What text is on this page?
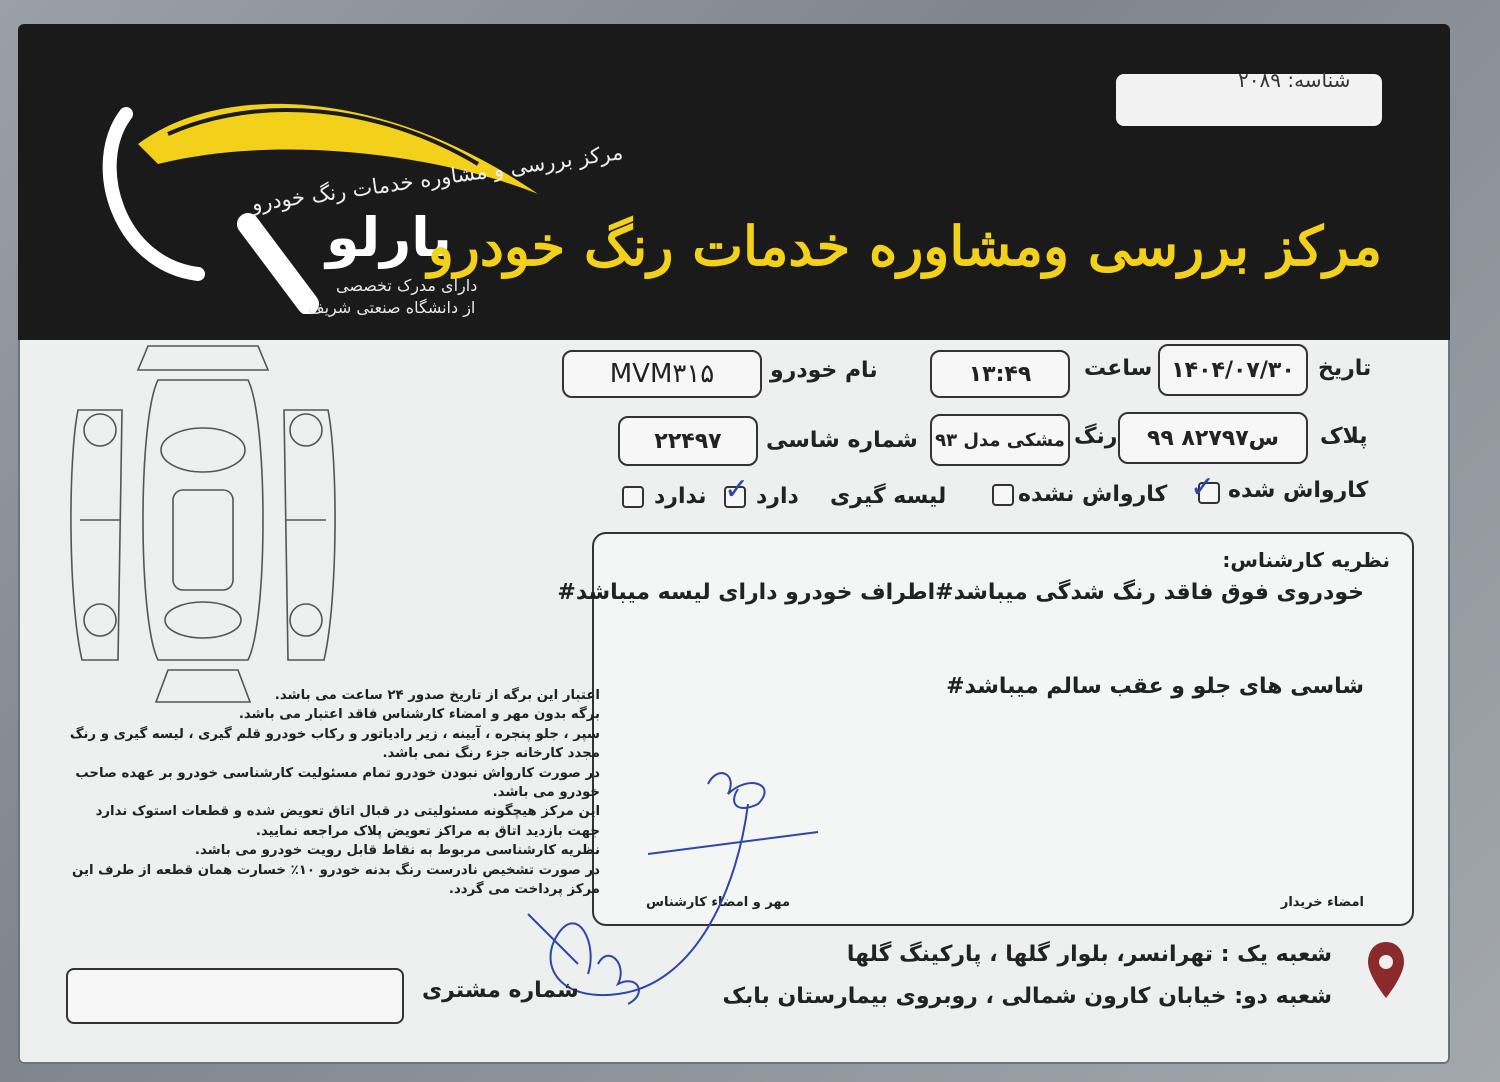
شناسه: ۲۰۸۹
مرکز بررسی و مشاوره خدمات رنگ خودرو
یارلو
دارای مدرک تخصصی
از دانشگاه صنعتی شریف
مرکز بررسی ومشاوره خدمات رنگ خودرو
تاریخ
۱۴۰۴/۰۷/۳۰
ساعت
۱۳:۴۹
نام خودرو
MVM۳۱۵
پلاک
۹۹ ۸۲۷س۹۷
رنگ
مشکی مدل ۹۳
شماره شاسی
۲۲۴۹۷
کارواش شده
✓
کارواش نشده
لیسه گیری
دارد
✓
ندارد
نظریه کارشناس:
خودروی فوق فاقد رنگ شدگی میباشد#اطراف خودرو دارای لیسه میباشد#
شاسی های جلو و عقب سالم میباشد#
امضاء خریدار
مهر و امضاء کارشناس

اعتبار این برگه از تاریخ صدور ۲۴ ساعت می باشد.

برگه بدون مهر و امضاء کارشناس فاقد اعتبار می باشد.

سپر ، جلو پنجره ، آیینه ، زیر رادیاتور و رکاب خودرو قلم گیری ، لیسه گیری و رنگ مجدد کارخانه جزء رنگ نمی باشد.

در صورت کارواش نبودن خودرو تمام مسئولیت کارشناسی خودرو بر عهده صاحب خودرو می باشد.

این مرکز هیچگونه مسئولیتی در قبال اتاق تعویض شده و قطعات استوک ندارد جهت بازدید اتاق به مراکز تعویض پلاک مراجعه نمایید.

نظریه کارشناسی مربوط به نقاط قابل رویت خودرو می باشد.

در صورت تشخیص نادرست رنگ بدنه خودرو ۱۰٪ خسارت همان قطعه از طرف این مرکز پرداخت می گردد.

شماره مشتری
شعبه یک : تهرانسر، بلوار گلها ، پارکینگ گلها
شعبه دو: خیابان کارون شمالی ، روبروی بیمارستان بابک
